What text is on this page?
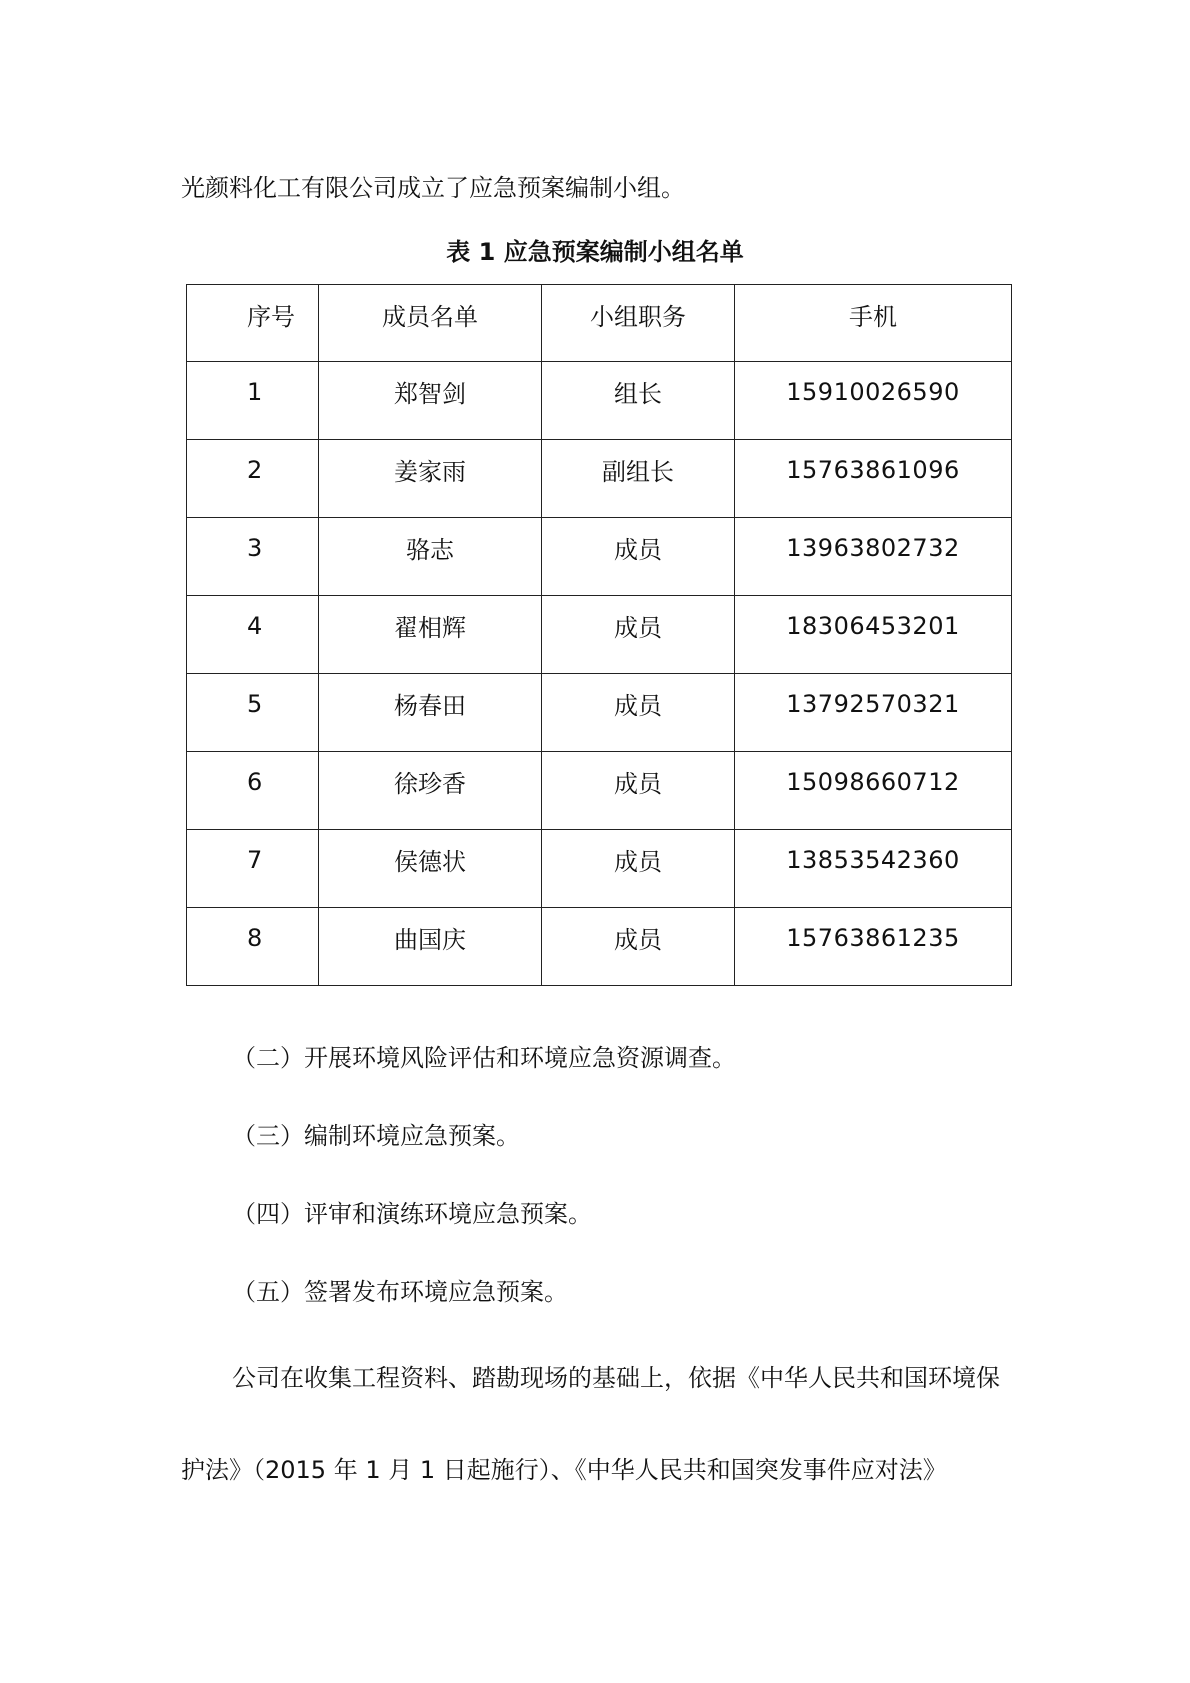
光颜料化工有限公司成立了应急预案编制小组。

表 1 应急预案编制小组名单

序号	成员名单	小组职务	手机
1	郑智剑	组长	15910026590
2	姜家雨	副组长	15763861096
3	骆志	成员	13963802732
4	翟相辉	成员	18306453201
5	杨春田	成员	13792570321
6	徐珍香	成员	15098660712
7	侯德状	成员	13853542360
8	曲国庆	成员	15763861235

（二）开展环境风险评估和环境应急资源调查。

（三）编制环境应急预案。

（四）评审和演练环境应急预案。

（五）签署发布环境应急预案。

公司在收集工程资料、踏勘现场的基础上，依据《中华人民共和国环境保

护法》（2015 年 1 月 1 日起施行）、《中华人民共和国突发事件应对法》
